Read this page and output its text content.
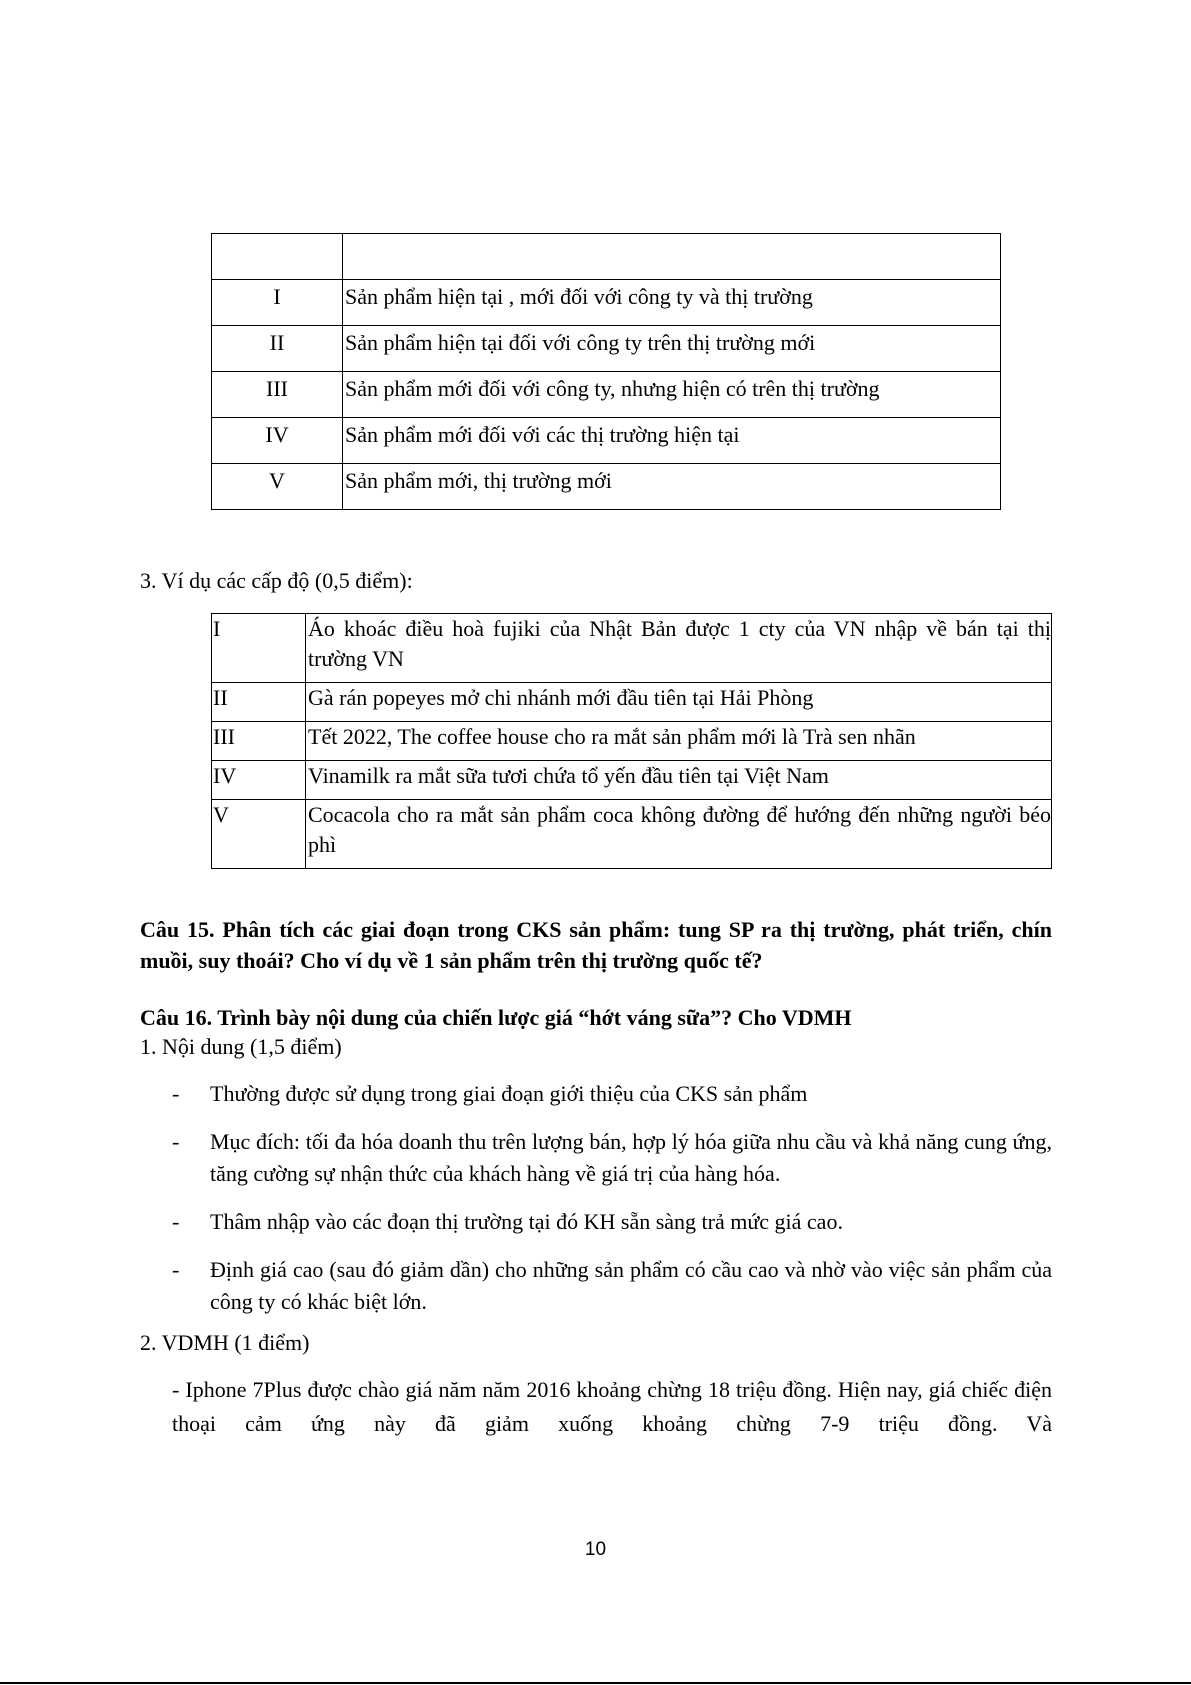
I	Sản phẩm hiện tại , mới đối với công ty và thị trường
II	Sản phẩm hiện tại đối với công ty trên thị trường mới
III	Sản phẩm mới đối với công ty, nhưng hiện có trên thị trường
IV	Sản phẩm mới đối với các thị trường hiện tại
V	Sản phẩm mới, thị trường mới
3. Ví dụ các cấp độ (0,5 điểm):
I	Áo khoác điều hoà fujiki của Nhật Bản được 1 cty của VN nhập về bán tại thị trường VN
II	Gà rán popeyes mở chi nhánh mới đầu tiên tại Hải Phòng
III	Tết 2022, The coffee house cho ra mắt sản phẩm mới là Trà sen nhãn
IV	Vinamilk ra mắt sữa tươi chứa tổ yến đầu tiên tại Việt Nam
V	Cocacola cho ra mắt sản phẩm coca không đường để hướng đến những người béo phì
Câu 15. Phân tích các giai đoạn trong CKS sản phẩm: tung SP ra thị trường, phát triển, chín muồi, suy thoái? Cho ví dụ về 1 sản phẩm trên thị trường quốc tế?
Câu 16. Trình bày nội dung của chiến lược giá “hớt váng sữa”? Cho VDMH
1. Nội dung (1,5 điểm)
- Thường được sử dụng trong giai đoạn giới thiệu của CKS sản phẩm
- Mục đích: tối đa hóa doanh thu trên lượng bán, hợp lý hóa giữa nhu cầu và khả năng cung ứng, tăng cường sự nhận thức của khách hàng về giá trị của hàng hóa.
- Thâm nhập vào các đoạn thị trường tại đó KH sẵn sàng trả mức giá cao.
- Định giá cao (sau đó giảm dần) cho những sản phẩm có cầu cao và nhờ vào việc sản phẩm của công ty có khác biệt lớn.
2. VDMH (1 điểm)
- Iphone 7Plus được chào giá năm năm 2016 khoảng chừng 18 triệu đồng. Hiện nay, giá chiếc điện thoại cảm ứng này đã giảm xuống khoảng chừng 7-9 triệu đồng. Và
10
